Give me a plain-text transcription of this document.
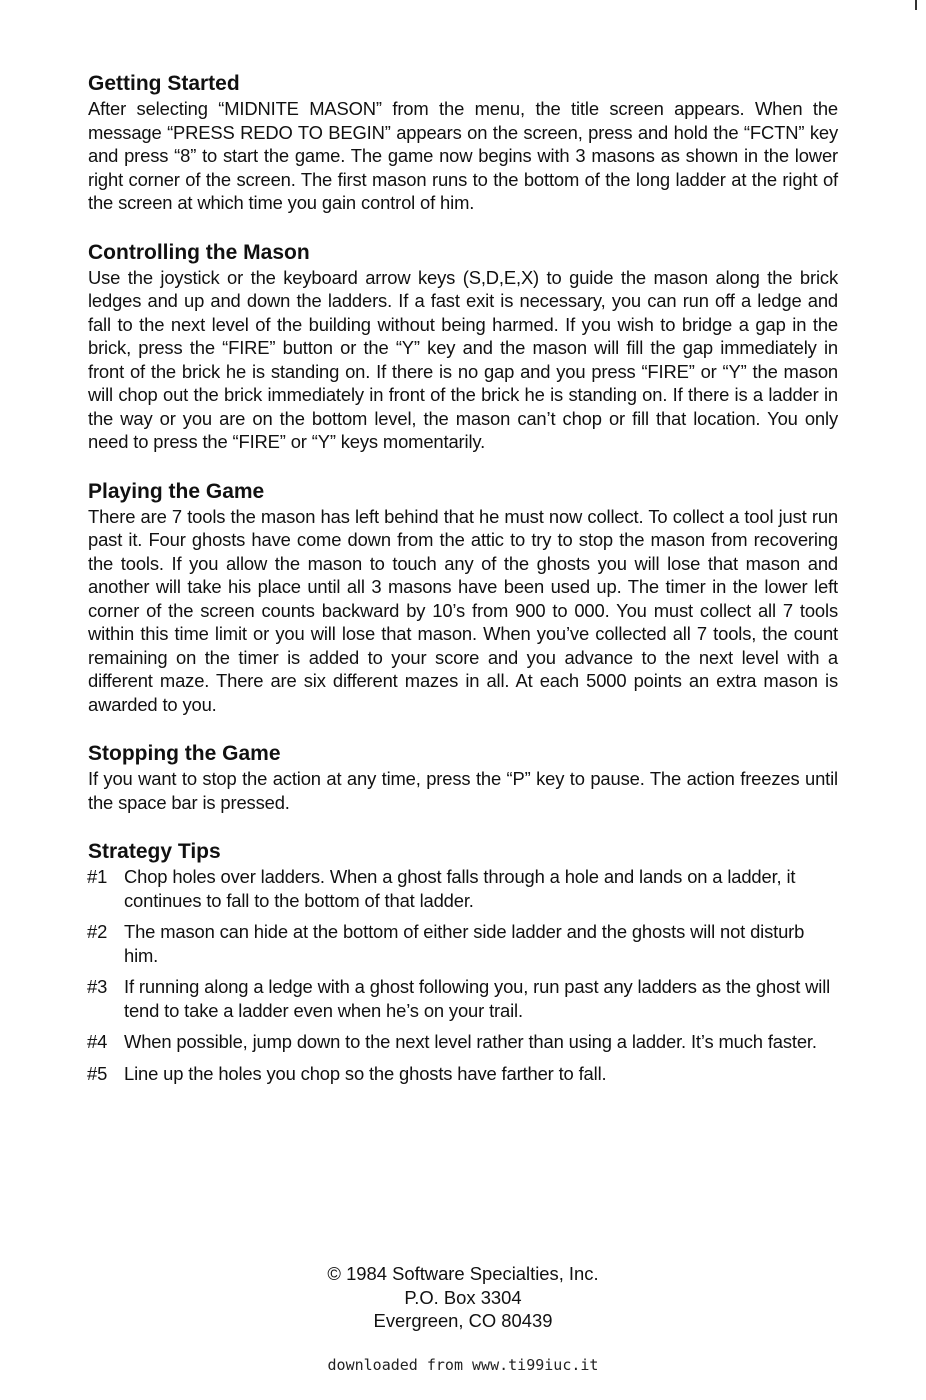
Getting Started

After selecting “MIDNITE MASON” from the menu, the title screen appears. When the message “PRESS REDO TO BEGIN” appears on the screen, press and hold the “FCTN” key and press “8” to start the game. The game now begins with 3 masons as shown in the lower right corner of the screen. The first mason runs to the bottom of the long ladder at the right of the screen at which time you gain control of him.

Controlling the Mason

Use the joystick or the keyboard arrow keys (S,D,E,X) to guide the mason along the brick ledges and up and down the ladders. If a fast exit is necessary, you can run off a ledge and fall to the next level of the building without being harmed. If you wish to bridge a gap in the brick, press the “FIRE” button or the “Y” key and the mason will fill the gap immediately in front of the brick he is standing on. If there is no gap and you press “FIRE” or “Y” the mason will chop out the brick immediately in front of the brick he is standing on. If there is a ladder in the way or you are on the bottom level, the mason can’t chop or fill that location. You only need to press the “FIRE” or “Y” keys momentarily.

Playing the Game

There are 7 tools the mason has left behind that he must now collect. To collect a tool just run past it. Four ghosts have come down from the attic to try to stop the mason from recovering the tools. If you allow the mason to touch any of the ghosts you will lose that mason and another will take his place until all 3 masons have been used up. The timer in the lower left corner of the screen counts backward by 10’s from 900 to 000. You must collect all 7 tools within this time limit or you will lose that mason. When you’ve collected all 7 tools, the count remaining on the timer is added to your score and you advance to the next level with a different maze. There are six different mazes in all. At each 5000 points an extra mason is awarded to you.

Stopping the Game

If you want to stop the action at any time, press the “P” key to pause. The action freezes until the space bar is pressed.

Strategy Tips
#1 Chop holes over ladders. When a ghost falls through a hole and lands on a ladder, it continues to fall to the bottom of that ladder.
#2 The mason can hide at the bottom of either side ladder and the ghosts will not disturb him.
#3 If running along a ledge with a ghost following you, run past any ladders as the ghost will tend to take a ladder even when he’s on your trail.
#4 When possible, jump down to the next level rather than using a ladder. It’s much faster.
#5 Line up the holes you chop so the ghosts have farther to fall.
© 1984 Software Specialties, Inc.
P.O. Box 3304
Evergreen, CO 80439
downloaded from www.ti99iuc.it
